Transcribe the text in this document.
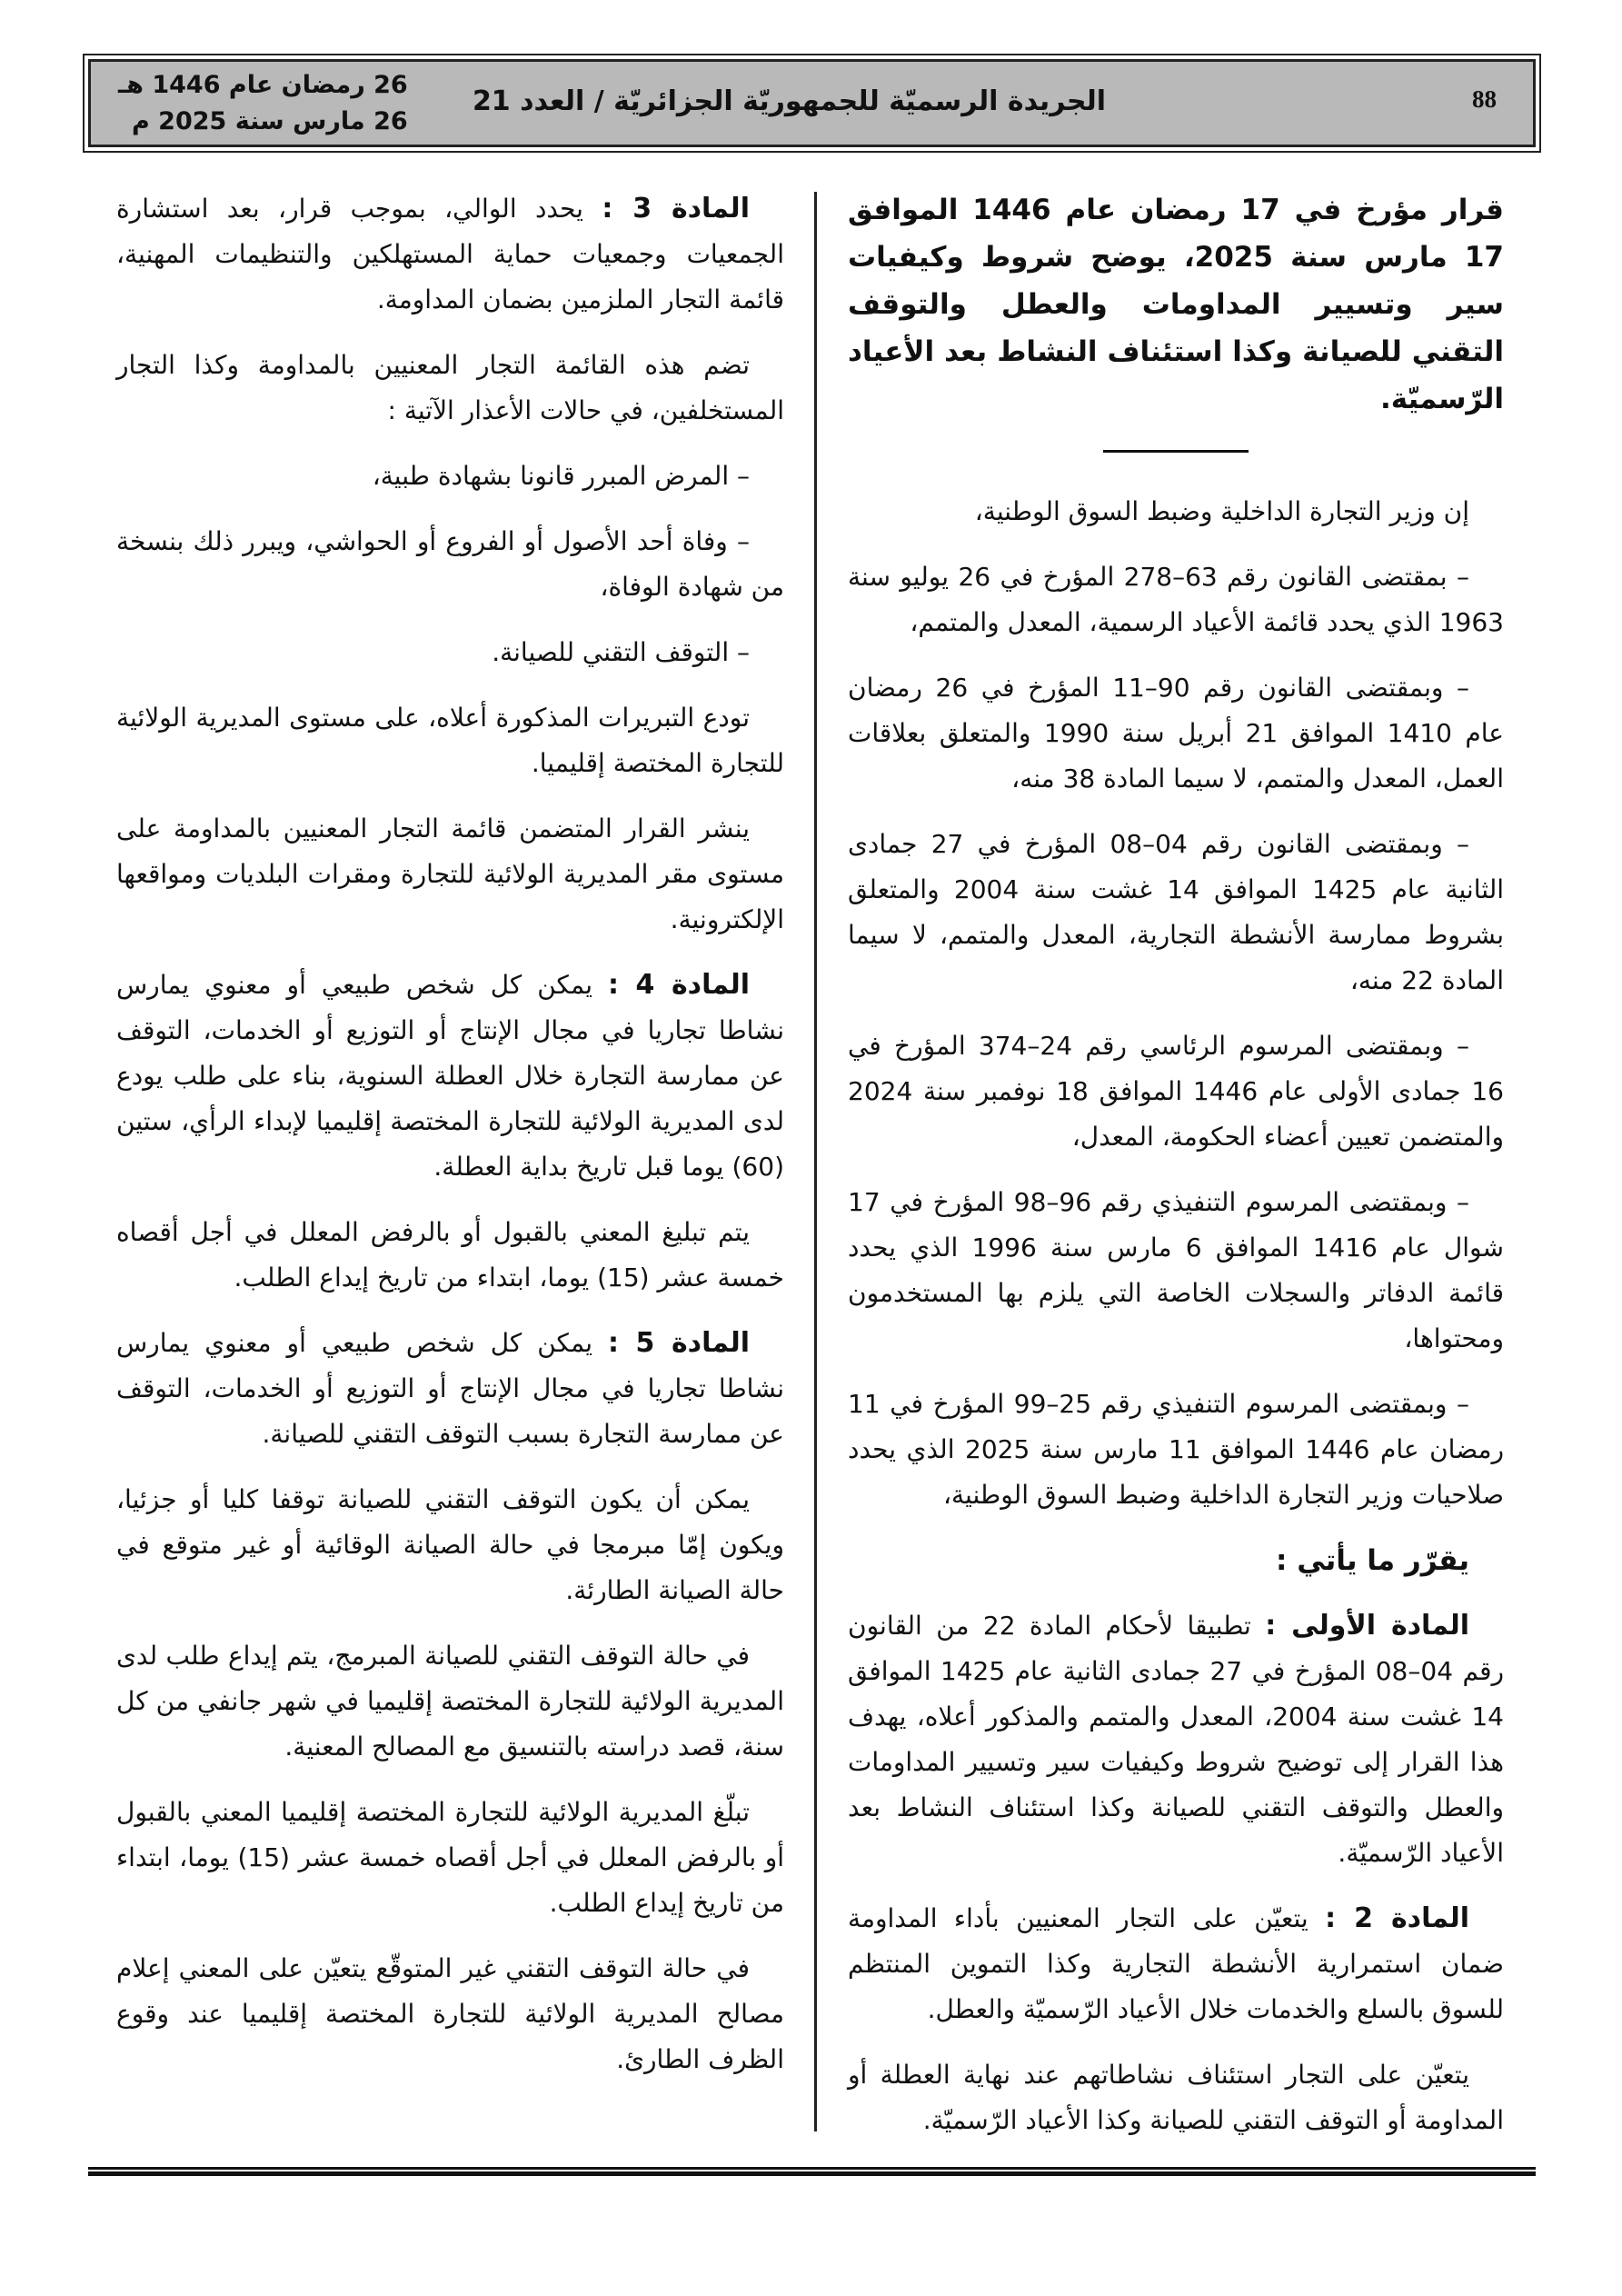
88
الجريدة الرسميّة للجمهوريّة الجزائريّة / العدد 21
26 رمضان عام 1446 هـ
26 مارس سنة 2025 م

قرار مؤرخ في 17 رمضان عام 1446 الموافق 17 مارس سنة 2025، يوضح شروط وكيفيات سير وتسيير المداومات والعطل والتوقف التقني للصيانة وكذا استئناف النشاط بعد الأعياد الرّسميّة.

إن وزير التجارة الداخلية وضبط السوق الوطنية،

– بمقتضى القانون رقم 63–278 المؤرخ في 26 يوليو سنة 1963 الذي يحدد قائمة الأعياد الرسمية، المعدل والمتمم،

– وبمقتضى القانون رقم 90–11 المؤرخ في 26 رمضان عام 1410 الموافق 21 أبريل سنة 1990 والمتعلق بعلاقات العمل، المعدل والمتمم، لا سيما المادة 38 منه،

– وبمقتضى القانون رقم 04–08 المؤرخ في 27 جمادى الثانية عام 1425 الموافق 14 غشت سنة 2004 والمتعلق بشروط ممارسة الأنشطة التجارية، المعدل والمتمم، لا سيما المادة 22 منه،

– وبمقتضى المرسوم الرئاسي رقم 24–374 المؤرخ في 16 جمادى الأولى عام 1446 الموافق 18 نوفمبر سنة 2024 والمتضمن تعيين أعضاء الحكومة، المعدل،

– وبمقتضى المرسوم التنفيذي رقم 96–98 المؤرخ في 17 شوال عام 1416 الموافق 6 مارس سنة 1996 الذي يحدد قائمة الدفاتر والسجلات الخاصة التي يلزم بها المستخدمون ومحتواها،

– وبمقتضى المرسوم التنفيذي رقم 25–99 المؤرخ في 11 رمضان عام 1446 الموافق 11 مارس سنة 2025 الذي يحدد صلاحيات وزير التجارة الداخلية وضبط السوق الوطنية،

يقرّر ما يأتي :

المادة الأولى : تطبيقا لأحكام المادة 22 من القانون رقم 04–08 المؤرخ في 27 جمادى الثانية عام 1425 الموافق 14 غشت سنة 2004، المعدل والمتمم والمذكور أعلاه، يهدف هذا القرار إلى توضيح شروط وكيفيات سير وتسيير المداومات والعطل والتوقف التقني للصيانة وكذا استئناف النشاط بعد الأعياد الرّسميّة.

المادة 2 : يتعيّن على التجار المعنيين بأداء المداومة ضمان استمرارية الأنشطة التجارية وكذا التموين المنتظم للسوق بالسلع والخدمات خلال الأعياد الرّسميّة والعطل.

يتعيّن على التجار استئناف نشاطاتهم عند نهاية العطلة أو المداومة أو التوقف التقني للصيانة وكذا الأعياد الرّسميّة.

المادة 3 : يحدد الوالي، بموجب قرار، بعد استشارة الجمعيات وجمعيات حماية المستهلكين والتنظيمات المهنية، قائمة التجار الملزمين بضمان المداومة.

تضم هذه القائمة التجار المعنيين بالمداومة وكذا التجار المستخلفين، في حالات الأعذار الآتية :

– المرض المبرر قانونا بشهادة طبية،

– وفاة أحد الأصول أو الفروع أو الحواشي، ويبرر ذلك بنسخة من شهادة الوفاة،

– التوقف التقني للصيانة.

تودع التبريرات المذكورة أعلاه، على مستوى المديرية الولائية للتجارة المختصة إقليميا.

ينشر القرار المتضمن قائمة التجار المعنيين بالمداومة على مستوى مقر المديرية الولائية للتجارة ومقرات البلديات ومواقعها الإلكترونية.

المادة 4 : يمكن كل شخص طبيعي أو معنوي يمارس نشاطا تجاريا في مجال الإنتاج أو التوزيع أو الخدمات، التوقف عن ممارسة التجارة خلال العطلة السنوية، بناء على طلب يودع لدى المديرية الولائية للتجارة المختصة إقليميا لإبداء الرأي، ستين (60) يوما قبل تاريخ بداية العطلة.

يتم تبليغ المعني بالقبول أو بالرفض المعلل في أجل أقصاه خمسة عشر (15) يوما، ابتداء من تاريخ إيداع الطلب.

المادة 5 : يمكن كل شخص طبيعي أو معنوي يمارس نشاطا تجاريا في مجال الإنتاج أو التوزيع أو الخدمات، التوقف عن ممارسة التجارة بسبب التوقف التقني للصيانة.

يمكن أن يكون التوقف التقني للصيانة توقفا كليا أو جزئيا، ويكون إمّا مبرمجا في حالة الصيانة الوقائية أو غير متوقع في حالة الصيانة الطارئة.

في حالة التوقف التقني للصيانة المبرمج، يتم إيداع طلب لدى المديرية الولائية للتجارة المختصة إقليميا في شهر جانفي من كل سنة، قصد دراسته بالتنسيق مع المصالح المعنية.

تبلّغ المديرية الولائية للتجارة المختصة إقليميا المعني بالقبول أو بالرفض المعلل في أجل أقصاه خمسة عشر (15) يوما، ابتداء من تاريخ إيداع الطلب.

في حالة التوقف التقني غير المتوقّع يتعيّن على المعني إعلام مصالح المديرية الولائية للتجارة المختصة إقليميا عند وقوع الظرف الطارئ.
